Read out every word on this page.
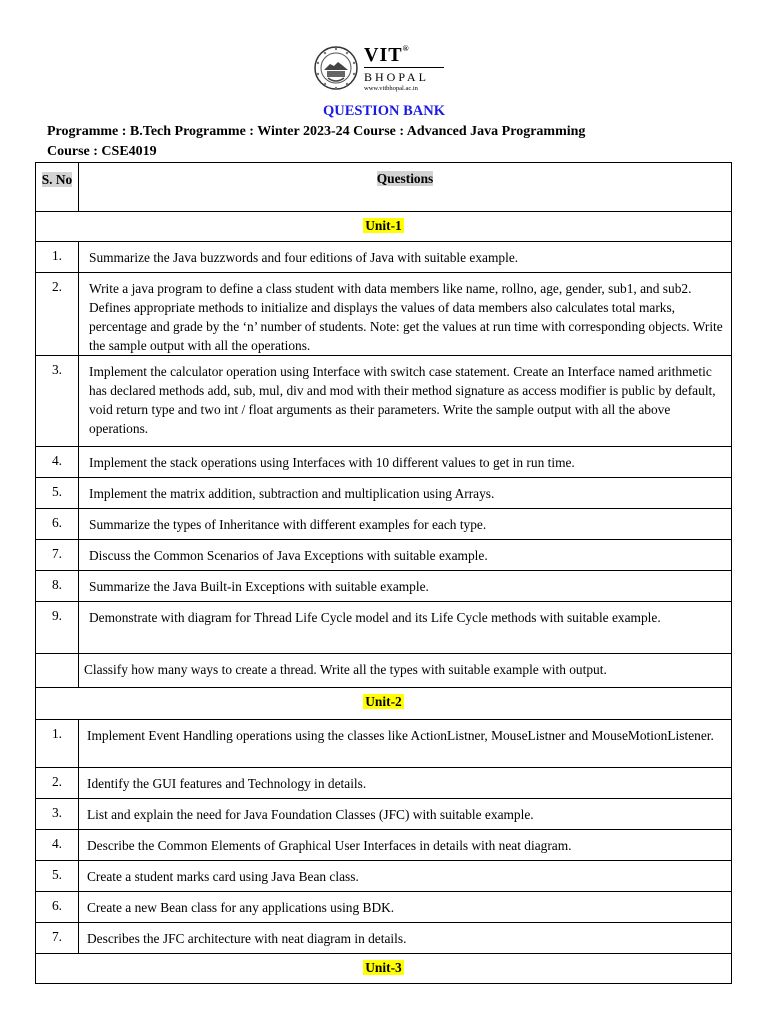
VIT®
BHOPAL
www.vitbhopal.ac.in
QUESTION BANK
Programme : B.Tech Programme : Winter 2023-24 Course : Advanced Java Programming
Course : CSE4019
S. No	Questions
Unit-1	
1.	Summarize the Java buzzwords and four editions of Java with suitable example.
2.	Write a java program to define a class student with data members like name, rollno, age, gender, sub1, and sub2. Defines appropriate methods to initialize and displays the values of data members also calculates total marks, percentage and grade by the ‘n’ number of students. Note: get the values at run time with corresponding objects. Write the sample output with all the operations.
3.	Implement the calculator operation using Interface with switch case statement. Create an Interface named arithmetic has declared methods add, sub, mul, div and mod with their method signature as access modifier is public by default, void return type and two int / float arguments as their parameters. Write the sample output with all the above operations.
4.	Implement the stack operations using Interfaces with 10 different values to get in run time.
5.	Implement the matrix addition, subtraction and multiplication using Arrays.
6.	Summarize the types of Inheritance with different examples for each type.
7.	Discuss the Common Scenarios of Java Exceptions with suitable example.
8.	Summarize the Java Built-in Exceptions with suitable example.
9.	Demonstrate with diagram for Thread Life Cycle model and its Life Cycle methods with suitable example.
	Classify how many ways to create a thread. Write all the types with suitable example with output.
Unit-2	
1.	Implement Event Handling operations using the classes like ActionListner, MouseListner and MouseMotionListener.
2.	Identify the GUI features and Technology in details.
3.	List and explain the need for Java Foundation Classes (JFC) with suitable example.
4.	Describe the Common Elements of Graphical User Interfaces in details with neat diagram.
5.	Create a student marks card using Java Bean class.
6.	Create a new Bean class for any applications using BDK.
7.	Describes the JFC architecture with neat diagram in details.
Unit-3	
